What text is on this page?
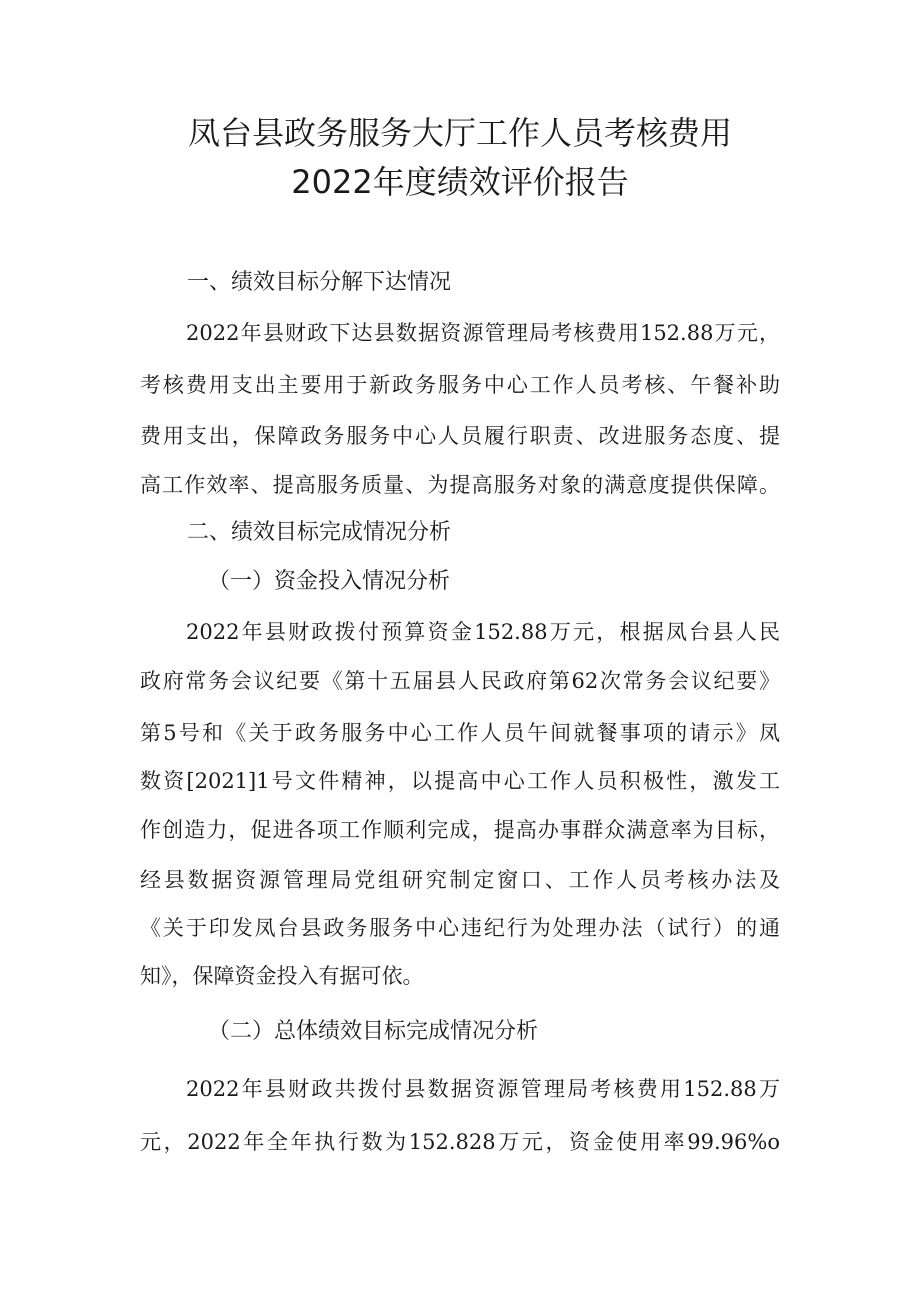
凤台县政务服务大厅工作人员考核费用
2022年度绩效评价报告
一、绩效目标分解下达情况
2022年县财政下达县数据资源管理局考核费用152.88万元，
考核费用支出主要用于新政务服务中心工作人员考核、午餐补助
费用支出，保障政务服务中心人员履行职责、改进服务态度、提
高工作效率、提高服务质量、为提高服务对象的满意度提供保障。
二、绩效目标完成情况分析
（一）资金投入情况分析
2022年县财政拨付预算资金152.88万元，根据凤台县人民
政府常务会议纪要《第十五届县人民政府第62次常务会议纪要》
第5号和《关于政务服务中心工作人员午间就餐事项的请示》凤
数资[2021]1号文件精神，以提高中心工作人员积极性，激发工
作创造力，促进各项工作顺利完成，提高办事群众满意率为目标，
经县数据资源管理局党组研究制定窗口、工作人员考核办法及
《关于印发凤台县政务服务中心违纪行为处理办法（试行）的通
知》，保障资金投入有据可依。
（二）总体绩效目标完成情况分析
2022年县财政共拨付县数据资源管理局考核费用152.88万
元，2022年全年执行数为152.828万元，资金使用率99.96%o
